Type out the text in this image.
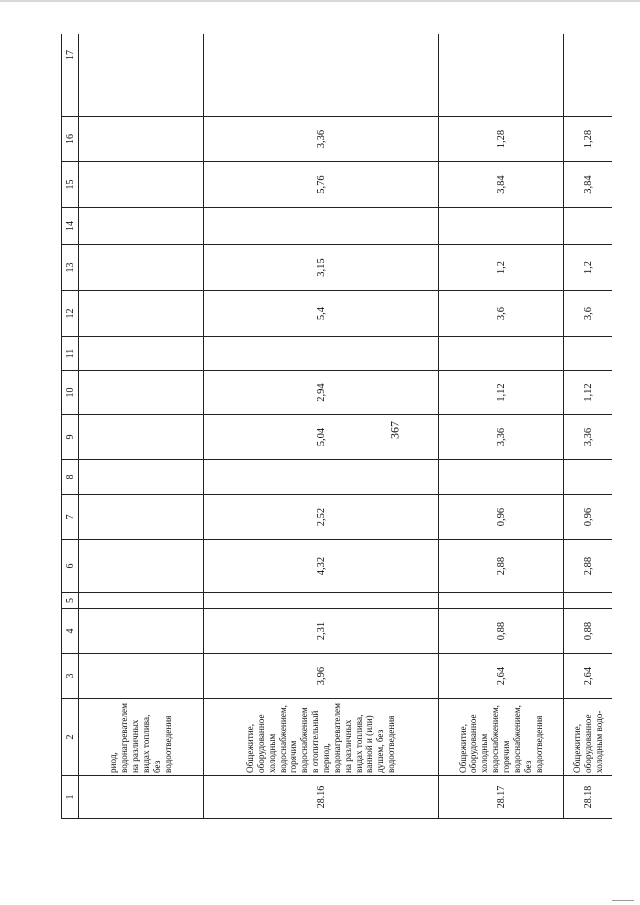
367
1	2	3	4	5	6	7	8	9	10	11	12	13	14	15	16	17
	риод, водонагревателем на различных видах топлива, без водоотведения															
28.16	Общежитие, оборудованное холодным водоснабжением, горячим водоснабжением в отопительный период, водонагревателем на различных видах топлива, ванной и (или) душем, без водоотведения	3,96	2,31		4,32	2,52		5,04	2,94		5,4	3,15		5,76	3,36	
28.17	Общежитие, оборудованное холодным водоснабжением, горячим водоснабжением, без водоотведения	2,64	0,88		2,88	0,96		3,36	1,12		3,6	1,2		3,84	1,28	
28.18	Общежитие, оборудованное холодным водо-	2,64	0,88		2,88	0,96		3,36	1,12		3,6	1,2		3,84	1,28	
